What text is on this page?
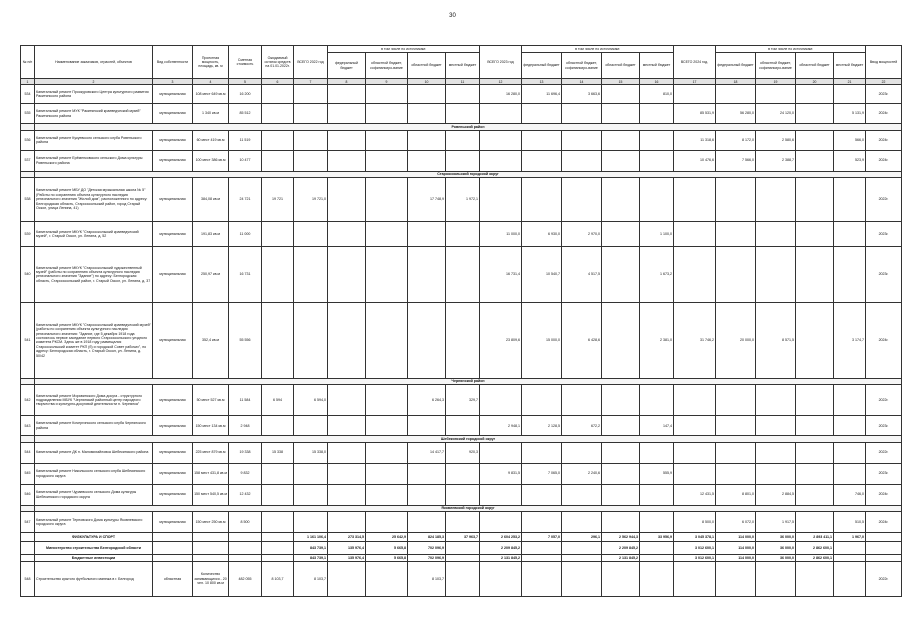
30
№ п/п	Наименование заказчиков, отраслей, объектов	Вид собственности	Проектная мощность, площадь, кв. м	Сметная стоимость	Ожидаемый остаток средств на 01.01.2022г.	ВСЕГО 2022 год	в том числе по источникам:				ВСЕГО 2023 год	в том числе по источникам:				ВСЕГО 2024 год.	в том числе по источникам:				Ввод мощностей
							федеральный бюджет	областной бюджет, софинансиро-вание	областной бюджет	местный бюджет		федеральный бюджет	областной бюджет, софинансиро-вание	областной бюджет	местный бюджет		федеральный бюджет	областной бюджет, софинансиро-вание	областной бюджет	местный бюджет	
1	2	3	4	5	6	7	8	9	10	11	12	13	14	15	16	17	18	19	20	21	22
534	Капитальный ремонт Проскуровского Центра культурного развития Ракитянского района	муниципальная	108 мест 649 кв.м	16 200							16 280,0	11 696,4	3 663,6		810,0						2023г.
535	Капитальный ремонт МУК "Ракитянский краеведческий музей" Ракитянского района	муниципальная	1 340 кв.м	85 512												85 531,9	56 280,0	24 120,0		5 131,9	2024г.
	Ровеньский район																				
536	Капитальный ремонт Кукуевского сельского клуба Ровеньского района	муниципальная	60 мест 419 кв.м	11 519												11 318,6	8 172,0	2 580,6		566,0	2024г.
537	Капитальный ремонт Ерёменковского сельского Дома культуры Ровеньского района	муниципальная	100 мест 386 кв.м	10 477												10 476,6	7 566,0	2 388,7		523,9	2024г.
	Старооскольский городской округ																				
538	Капитальный ремонт МБУ ДО "Детская музыкальная школа № 5" (Работы по сохранению объекта культурного наследия регионального значения "Жилой дом", расположенного по адресу: Белгородская область, Старооскольский район, город Старый Оскол, улица Ленина, 41)	муниципальная	384,08 кв.м	24 721	19 721	19 721,0			17 748,9	1 972,1											2022г.
539	Капитальный ремонт МКУК "Старооскольский краеведческий музей", г. Старый Оскол, ул. Ленина, д. 52	муниципальная	191,83 кв.м	11 000							11 000,0	6 930,0	2 970,0		1 100,0						2023г.
540	Капитальный ремонт МКУК "Старооскольский художественный музей" (работы по сохранению объекта культурного наследия регионального значения "Здание") по адресу: Белгородская область, Старооскольский район, г. Старый Оскол, ул. Ленина, д. 37	муниципальная	250,97 кв.м	16 731							16 731,4	10 540,7	4 517,5		1 673,2						2023г.
541	Капитальный ремонт МКУК "Старооскольский краеведческий музей" (работы по сохранению объекта культурного наследия регионального значения: "Здание, где 5 декабря 1918 года состоялось первое заседание первого Старооскольского уездного комитета РКСМ. Здесь же в 1918 году размещался Старооскольский комитет РКП (б) и городской Совет рабочих", по адресу: Белгородская область, г. Старый Оскол, ул. Ленина, д. 50/42	муниципальная	352,4 кв.м	55 556							23 809,6	15 000,0	6 428,6		2 381,0	31 746,2	20 000,0	8 571,5		3 174,7	2024г.
	Чернянский район																				
542	Капитальный ремонт Морквинского Дома досуга - структурного подразделения МБУК "Чернянский районный центр народного творчества и культурно-досуговой деятельности п. Чернянка"	муниципальная	50 мест 527 кв.м	11 584	6 594	6 594,0			6 264,3	329,7											2022г.
543	Капитальный ремонт Кочергинского сельского клуба Чернянского района	муниципальная	150 мест 134 кв.м	2 948							2 948,1	2 128,5	672,2		147,4						2023г.
	Шебекинский городской округ																				
544	Капитальный ремонт ДК п. Маломихайловка Шебекинского района	муниципальная	225 мест 879 кв.м	19 338	15 338	15 338,0			14 417,7	920,3											2022г.
545	Капитальный ремонт Никольского сельского клуба Шебекинского городского округа	муниципальная	158 мест 431,8 кв.м	9 832							9 831,5	7 065,0	2 240,6		555,9						2023г.
546	Капитальный ремонт Чураевского сельского Дома культуры Шебекинского городского округа	муниципальная	150 мест 540,5 кв.м	12 432												12 431,5	8 801,0	2 884,5		746,0	2024г.
	Яковлевский городской округ																				
547	Капитальный ремонт Терновского Дома культуры Яковлевского городского округа	муниципальная	150 мест 250 кв.м	8 500												8 500,0	6 072,0	1 917,5		510,5	2024г.
	ФИЗКУЛЬТУРА И СПОРТ					1 161 106,4	273 314,5	25 642,9	824 185,3	37 963,7	2 604 253,2	7 057,0	296,1	2 562 944,3	33 956,9	3 045 378,1	114 000,0	36 000,0	2 893 411,1	1 967,0	
	Министерство строительства Белгородской области					843 739,1	135 976,4	5 665,8	702 096,9		2 209 845,2			2 209 845,2		3 012 600,1	114 000,0	36 000,0	2 862 600,1		
	Бюджетные инвестиции					843 739,1	135 976,4	5 665,8	702 096,9		2 131 845,2			2 131 845,2		3 012 600,1	114 000,0	36 000,0	2 862 600,1		
548	Строительство крытого футбольного манежа в г. Белгород	областная	Количество занимающихся - 20 чел. 10 800 кв.м	482 055	8 103,7	8 103,7			8 103,7												2022г.
